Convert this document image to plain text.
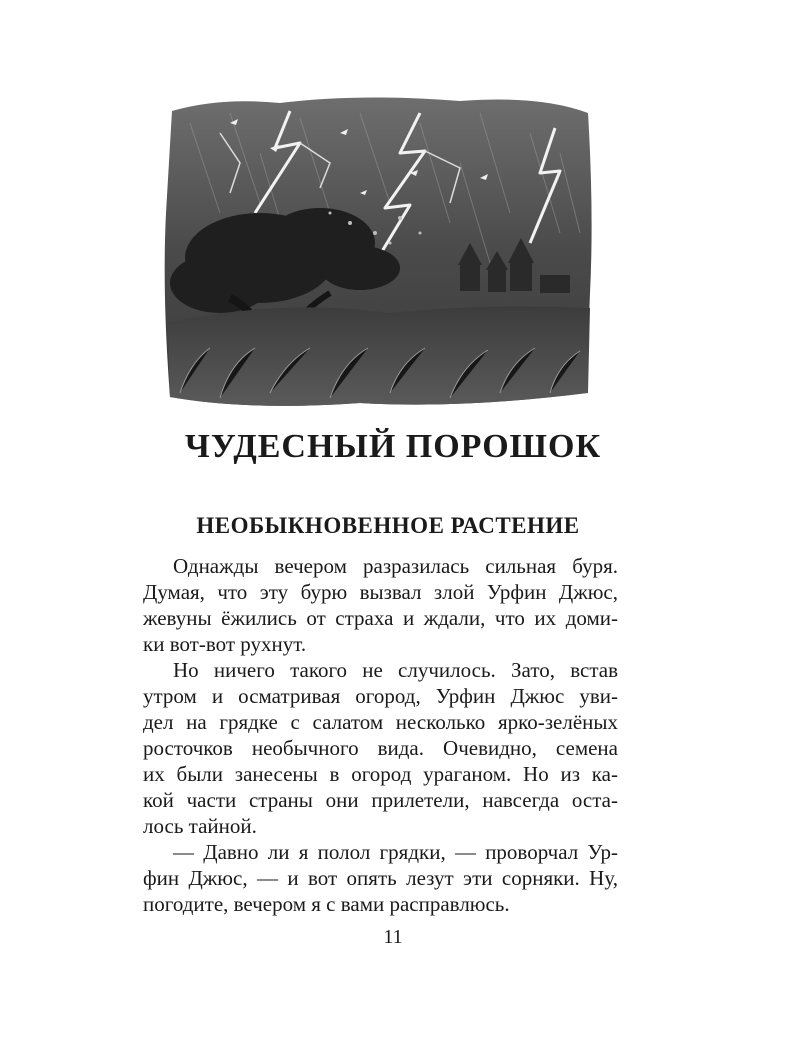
ЧУДЕСНЫЙ ПОРОШОК
НЕОБЫКНОВЕННОЕ РАСТЕНИЕ
Однажды вечером разразилась сильная буря.
Думая, что эту бурю вызвал злой Урфин Джюс,
жевуны ёжились от страха и ждали, что их доми-
ки вот-вот рухнут.
Но ничего такого не случилось. Зато, встав
утром и осматривая огород, Урфин Джюс уви-
дел на грядке с салатом несколько ярко-зелёных
росточков необычного вида. Очевидно, семена
их были занесены в огород ураганом. Но из ка-
кой части страны они прилетели, навсегда оста-
лось тайной.
— Давно ли я полол грядки, — проворчал Ур-
фин Джюс, — и вот опять лезут эти сорняки. Ну,
погодите, вечером я с вами расправлюсь.
11
